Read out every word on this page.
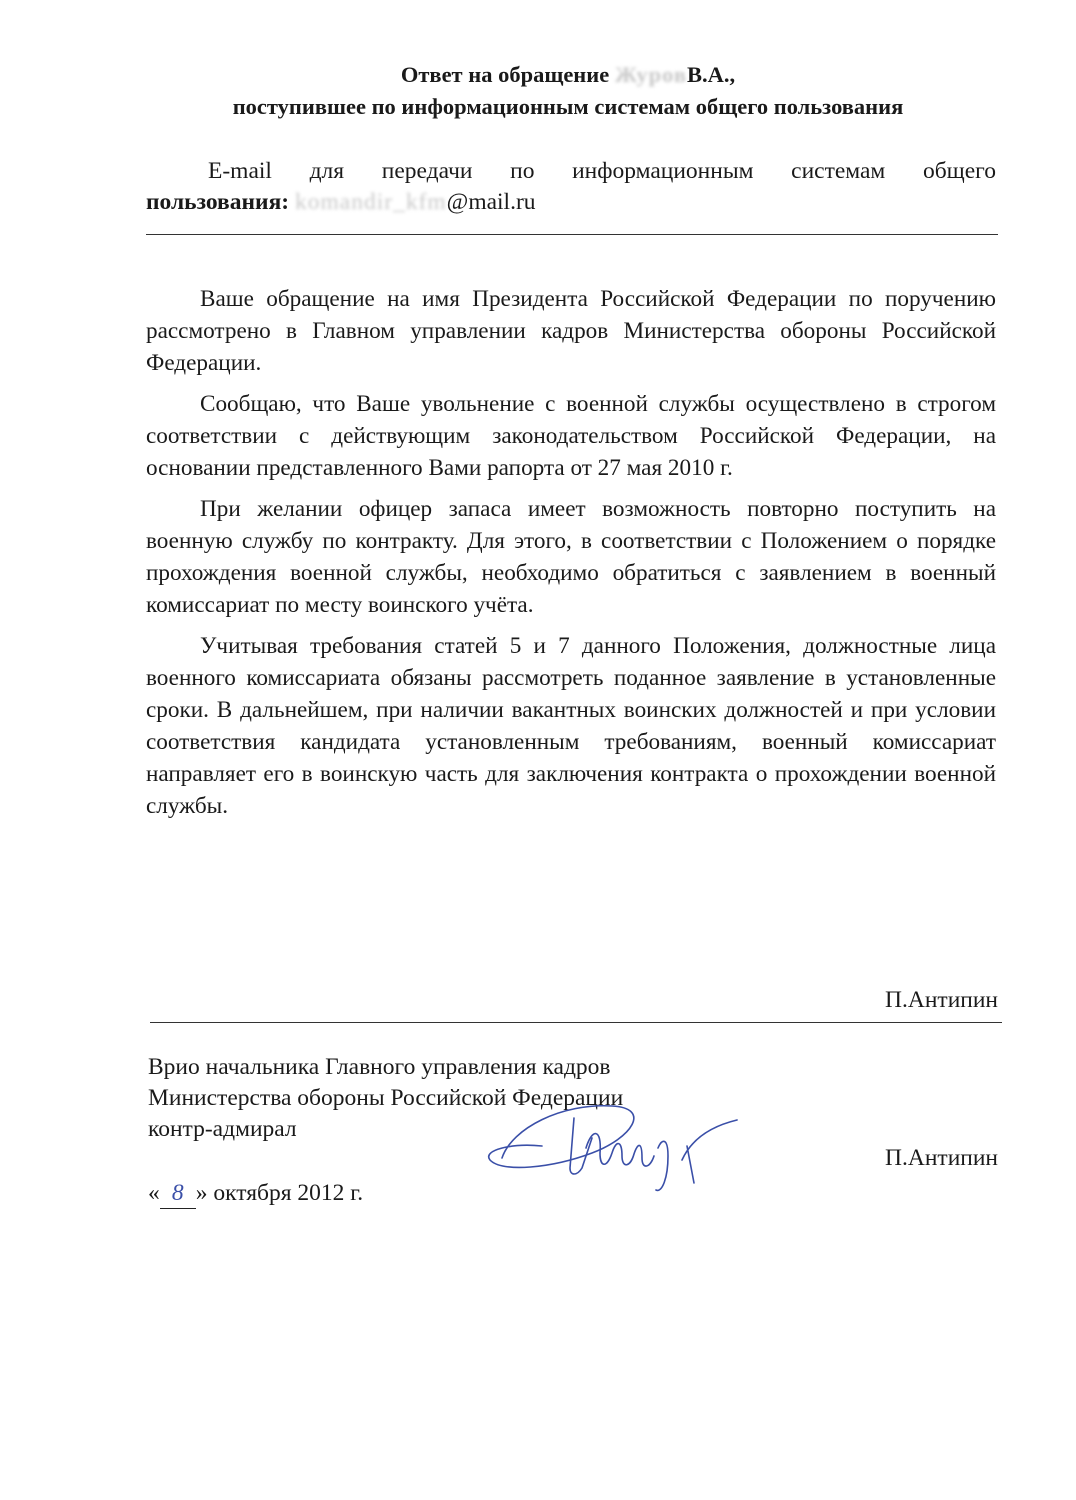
Ответ на обращение ЖуровВ.А.,
поступившее по информационным системам общего пользования
E-mail для передачи по информационным системам общего
пользования: komandir_kfm@mail.ru

Ваше обращение на имя Президента Российской Федерации по поручению рассмотрено в Главном управлении кадров Министерства обороны Российской Федерации.

Сообщаю, что Ваше увольнение с военной службы осуществлено в строгом соответствии с действующим законодательством Российской Федерации, на основании представленного Вами рапорта от 27 мая 2010 г.

При желании офицер запаса имеет возможность повторно поступить на военную службу по контракту. Для этого, в соответствии с Положением о порядке прохождения военной службы, необходимо обратиться с заявлением в военный комиссариат по месту воинского учёта.

Учитывая требования статей 5 и 7 данного Положения, должностные лица военного комиссариата обязаны рассмотреть поданное заявление в установленные сроки. В дальнейшем, при наличии вакантных воинских должностей и при условии соответствия кандидата установленным требованиям, военный комиссариат направляет его в воинскую часть для заключения контракта о прохождении военной службы.

П.Антипин
Врио начальника Главного управления кадров
Министерства обороны Российской Федерации
контр-адмирал
П.Антипин
« 8 » октября 2012 г.
